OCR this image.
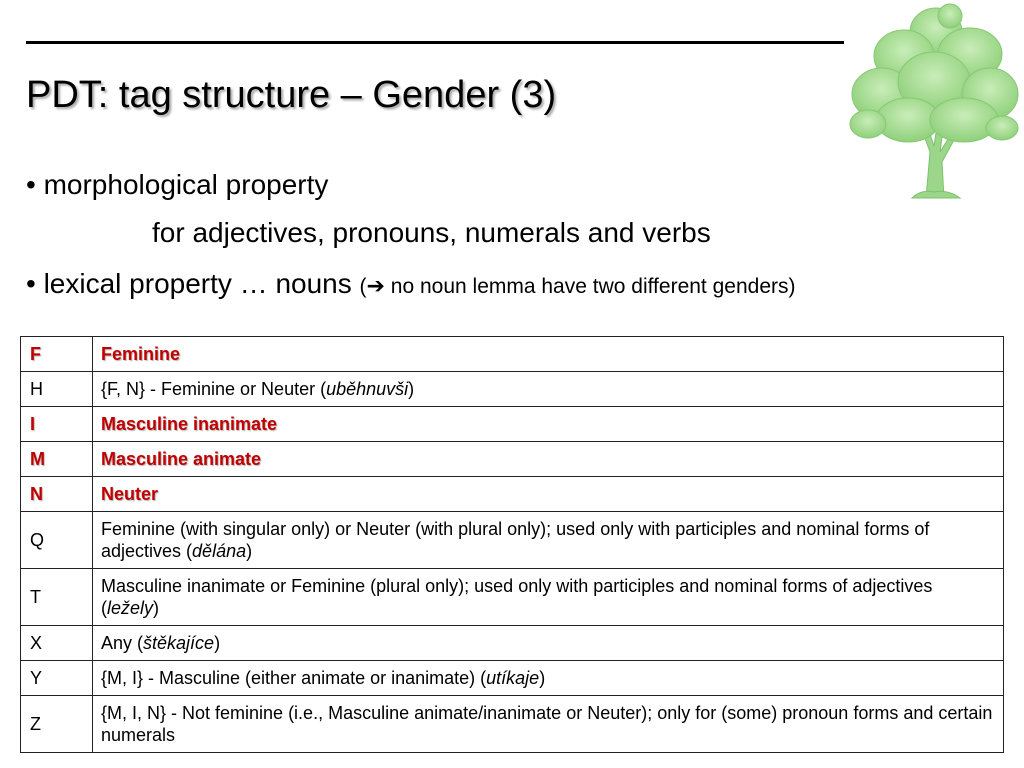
PDT: tag structure – Gender (3)
• morphological property
for adjectives, pronouns, numerals and verbs
• lexical property … nouns (➔ no noun lemma have two different genders)
F	Feminine
H	{F, N} - Feminine or Neuter (uběhnuvši)
I	Masculine inanimate
M	Masculine animate
N	Neuter
Q	Feminine (with singular only) or Neuter (with plural only); used only with participles and nominal forms of adjectives (dělána)
T	Masculine inanimate or Feminine (plural only); used only with participles and nominal forms of adjectives (ležely)
X	Any (štěkajíce)
Y	{M, I} - Masculine (either animate or inanimate) (utíkaje)
Z	{M, I, N} - Not feminine (i.e., Masculine animate/inanimate or Neuter); only for (some) pronoun forms and certain numerals
